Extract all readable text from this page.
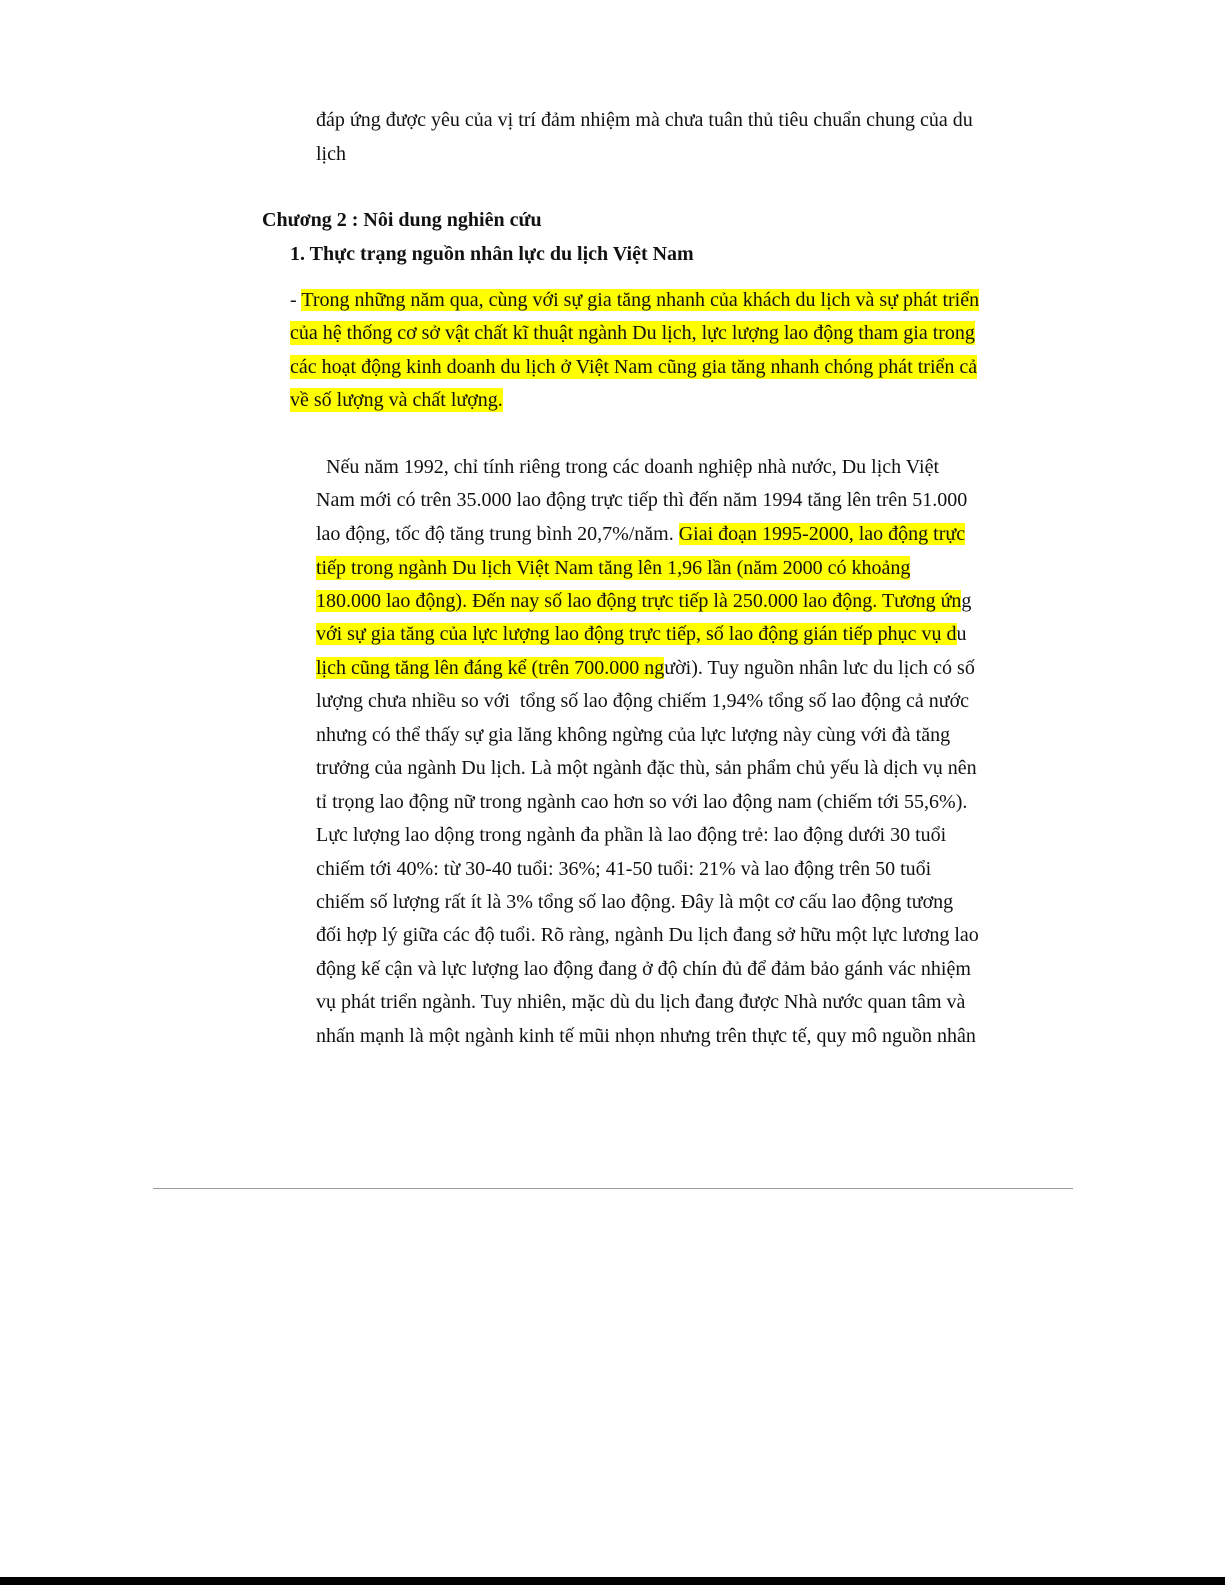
đáp ứng được yêu của vị trí đảm nhiệm mà chưa tuân thủ tiêu chuẩn chung của du
lịch
Chương 2 : Nôi dung nghiên cứu
1. Thực trạng nguồn nhân lực du lịch Việt Nam
- Trong những năm qua, cùng với sự gia tăng nhanh của khách du lịch và sự phát triển
của hệ thống cơ sở vật chất kĩ thuật ngành Du lịch, lực lượng lao động tham gia trong
các hoạt động kinh doanh du lịch ở Việt Nam cũng gia tăng nhanh chóng phát triển cả
về số lượng và chất lượng.
Nếu năm 1992, chỉ tính riêng trong các doanh nghiệp nhà nước, Du lịch Việt
Nam mới có trên 35.000 lao động trực tiếp thì đến năm 1994 tăng lên trên 51.000
lao động, tốc độ tăng trung bình 20,7%/năm. Giai đoạn 1995-2000, lao động trực
tiếp trong ngành Du lịch Việt Nam tăng lên 1,96 lần (năm 2000 có khoảng
180.000 lao động). Đến nay số lao động trực tiếp là 250.000 lao động. Tương ứng
với sự gia tăng của lực lượng lao động trực tiếp, số lao động gián tiếp phục vụ du
lịch cũng tăng lên đáng kể (trên 700.000 người). Tuy nguồn nhân lưc du lịch có số
lượng chưa nhiều so với  tổng số lao động chiếm 1,94% tổng số lao động cả nước
nhưng có thể thấy sự gia lăng không ngừng của lực lượng này cùng với đà tăng
trưởng của ngành Du lịch. Là một ngành đặc thù, sản phẩm chủ yếu là dịch vụ nên
tỉ trọng lao động nữ trong ngành cao hơn so với lao động nam (chiếm tới 55,6%).
Lực lượng lao dộng trong ngành đa phần là lao động trẻ: lao động dưới 30 tuổi
chiếm tới 40%: từ 30-40 tuổi: 36%; 41-50 tuổi: 21% và lao động trên 50 tuổi
chiếm số lượng rất ít là 3% tổng số lao động. Đây là một cơ cấu lao động tương
đối hợp lý giữa các độ tuổi. Rõ ràng, ngành Du lịch đang sở hữu một lực lương lao
động kế cận và lực lượng lao động đang ở độ chín đủ để đảm bảo gánh vác nhiệm
vụ phát triển ngành. Tuy nhiên, mặc dù du lịch đang được Nhà nước quan tâm và
nhấn mạnh là một ngành kinh tế mũi nhọn nhưng trên thực tế, quy mô nguồn nhân
